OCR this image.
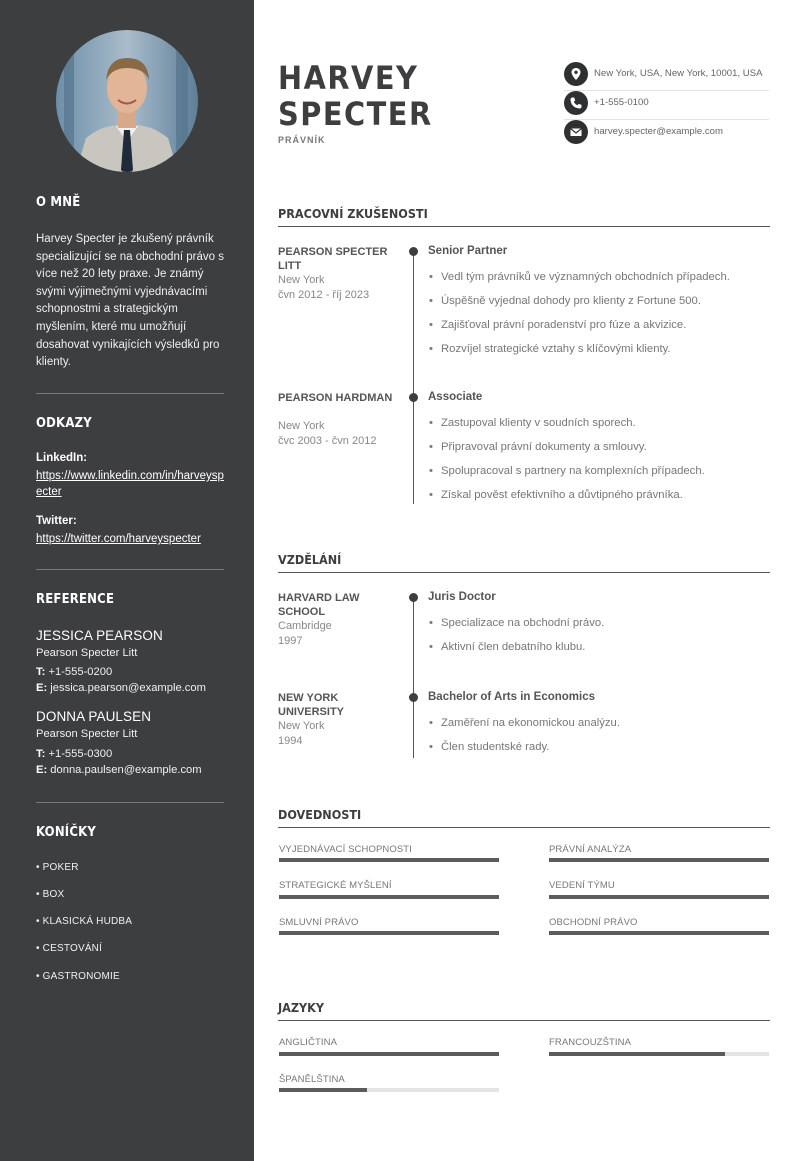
O MNĚ
Harvey Specter je zkušený právník specializující se na obchodní právo s více než 20 lety praxe. Je známý svými výjimečnými vyjednávacími schopnostmi a strategickým myšlením, které mu umožňují dosahovat vynikajících výsledků pro klienty.
ODKAZY
LinkedIn:
https://www.linkedin.com/in/harveyspecter
Twitter:
https://twitter.com/harveyspecter
REFERENCE
JESSICA PEARSON
Pearson Specter Litt
T: +1-555-0200
E: jessica.pearson@example.com
DONNA PAULSEN
Pearson Specter Litt
T: +1-555-0300
E: donna.paulsen@example.com
KONÍČKY
• POKER
• BOX
• KLASICKÁ HUDBA
• CESTOVÁNÍ
• GASTRONOMIE
HARVEY
SPECTER
PRÁVNÍK
New York, USA, New York, 10001, USA
+1-555-0100
harvey.specter@example.com
PRACOVNÍ ZKUŠENOSTI
PEARSON SPECTER LITT
New York
čvn 2012 - říj 2023
Senior Partner
• Vedl tým právníků ve významných obchodních případech.
• Úspěšně vyjednal dohody pro klienty z Fortune 500.
• Zajišťoval právní poradenství pro fúze a akvizice.
• Rozvíjel strategické vztahy s klíčovými klienty.
PEARSON HARDMAN
New York
čvc 2003 - čvn 2012
Associate
• Zastupoval klienty v soudních sporech.
• Připravoval právní dokumenty a smlouvy.
• Spolupracoval s partnery na komplexních případech.
• Získal pověst efektivního a důvtipného právníka.
VZDĚLÁNÍ
HARVARD LAW SCHOOL
Cambridge
1997
Juris Doctor
• Specializace na obchodní právo.
• Aktivní člen debatního klubu.
NEW YORK UNIVERSITY
New York
1994
Bachelor of Arts in Economics
• Zaměření na ekonomickou analýzu.
• Člen studentské rady.
DOVEDNOSTI
VYJEDNÁVACÍ SCHOPNOSTI	PRÁVNÍ ANALÝZA
STRATEGICKÉ MYŠLENÍ	VEDENÍ TÝMU
SMLUVNÍ PRÁVO	OBCHODNÍ PRÁVO
JAZYKY
ANGLIČTINA	FRANCOUZŠTINA
ŠPANĚLŠTINA
